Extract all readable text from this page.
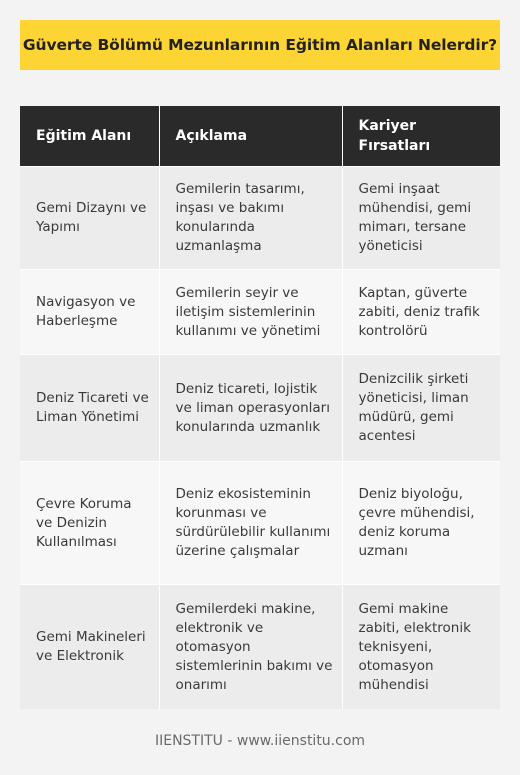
Güverte Bölümü Mezunlarının Eğitim Alanları Nelerdir?
Eğitim Alanı	Açıklama	Kariyer Fırsatları
Gemi Dizaynı ve Yapımı	Gemilerin tasarımı, inşası ve bakımı konularında uzmanlaşma	Gemi inşaat mühendisi, gemi mimarı, tersane yöneticisi
Navigasyon ve Haberleşme	Gemilerin seyir ve iletişim sistemlerinin kullanımı ve yönetimi	Kaptan, güverte zabiti, deniz trafik kontrolörü
Deniz Ticareti ve Liman Yönetimi	Deniz ticareti, lojistik ve liman operasyonları konularında uzmanlık	Denizcilik şirketi yöneticisi, liman müdürü, gemi acentesi
Çevre Koruma ve Denizin Kullanılması	Deniz ekosisteminin korunması ve sürdürülebilir kullanımı üzerine çalışmalar	Deniz biyoloğu, çevre mühendisi, deniz koruma uzmanı
Gemi Makineleri ve Elektronik	Gemilerdeki makine, elektronik ve otomasyon sistemlerinin bakımı ve onarımı	Gemi makine zabiti, elektronik teknisyeni, otomasyon mühendisi
IIENSTITU - www.iienstitu.com
